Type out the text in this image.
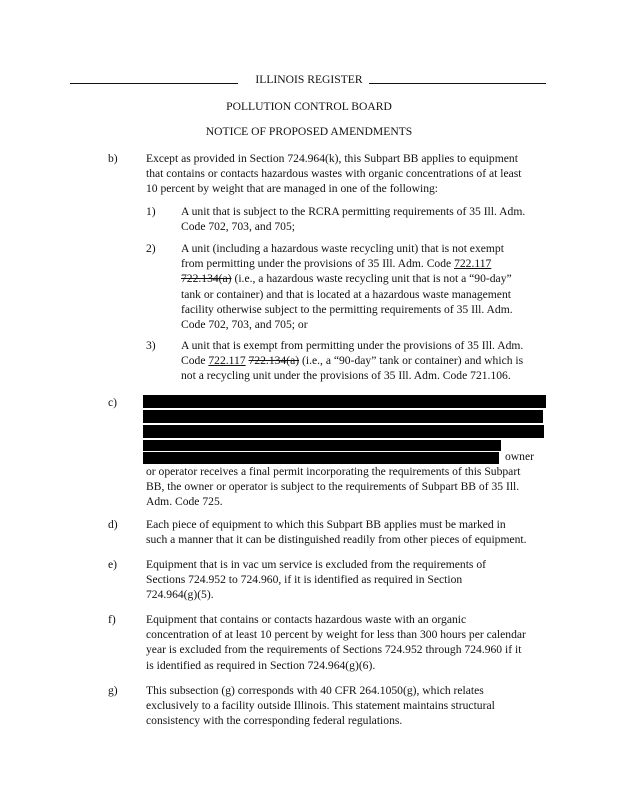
ILLINOIS REGISTER
POLLUTION CONTROL BOARD
NOTICE OF PROPOSED AMENDMENTS
b) Except as provided in Section 724.964(k), this Subpart BB applies to equipment
that contains or contacts hazardous wastes with organic concentrations of at least
10 percent by weight that are managed in one of the following:
1) A unit that is subject to the RCRA permitting requirements of 35 Ill. Adm.
Code 702, 703, and 705;
2) A unit (including a hazardous waste recycling unit) that is not exempt
from permitting under the provisions of 35 Ill. Adm. Code 722.117
722.134(a) (i.e., a hazardous waste recycling unit that is not a “90-day”
tank or container) and that is located at a hazardous waste management
facility otherwise subject to the permitting requirements of 35 Ill. Adm.
Code 702, 703, and 705; or
3) A unit that is exempt from permitting under the provisions of 35 Ill. Adm.
Code 722.117 722.134(a) (i.e., a “90-day” tank or container) and which is
not a recycling unit under the provisions of 35 Ill. Adm. Code 721.106.
c)
owner
or operator receives a final permit incorporating the requirements of this Subpart
BB, the owner or operator is subject to the requirements of Subpart BB of 35 Ill.
Adm. Code 725.
d) Each piece of equipment to which this Subpart BB applies must be marked in
such a manner that it can be distinguished readily from other pieces of equipment.
e) Equipment that is in vac um service is excluded from the requirements of
Sections 724.952 to 724.960, if it is identified as required in Section
724.964(g)(5).
f)	Equipment that contains or contacts hazardous waste with an organic
concentration of at least 10 percent by weight for less than 300 hours per calendar
year is excluded from the requirements of Sections 724.952 through 724.960 if it
is identified as required in Section 724.964(g)(6).
g) This subsection (g) corresponds with 40 CFR 264.1050(g), which relates
exclusively to a facility outside Illinois. This statement maintains structural
consistency with the corresponding federal regulations.
